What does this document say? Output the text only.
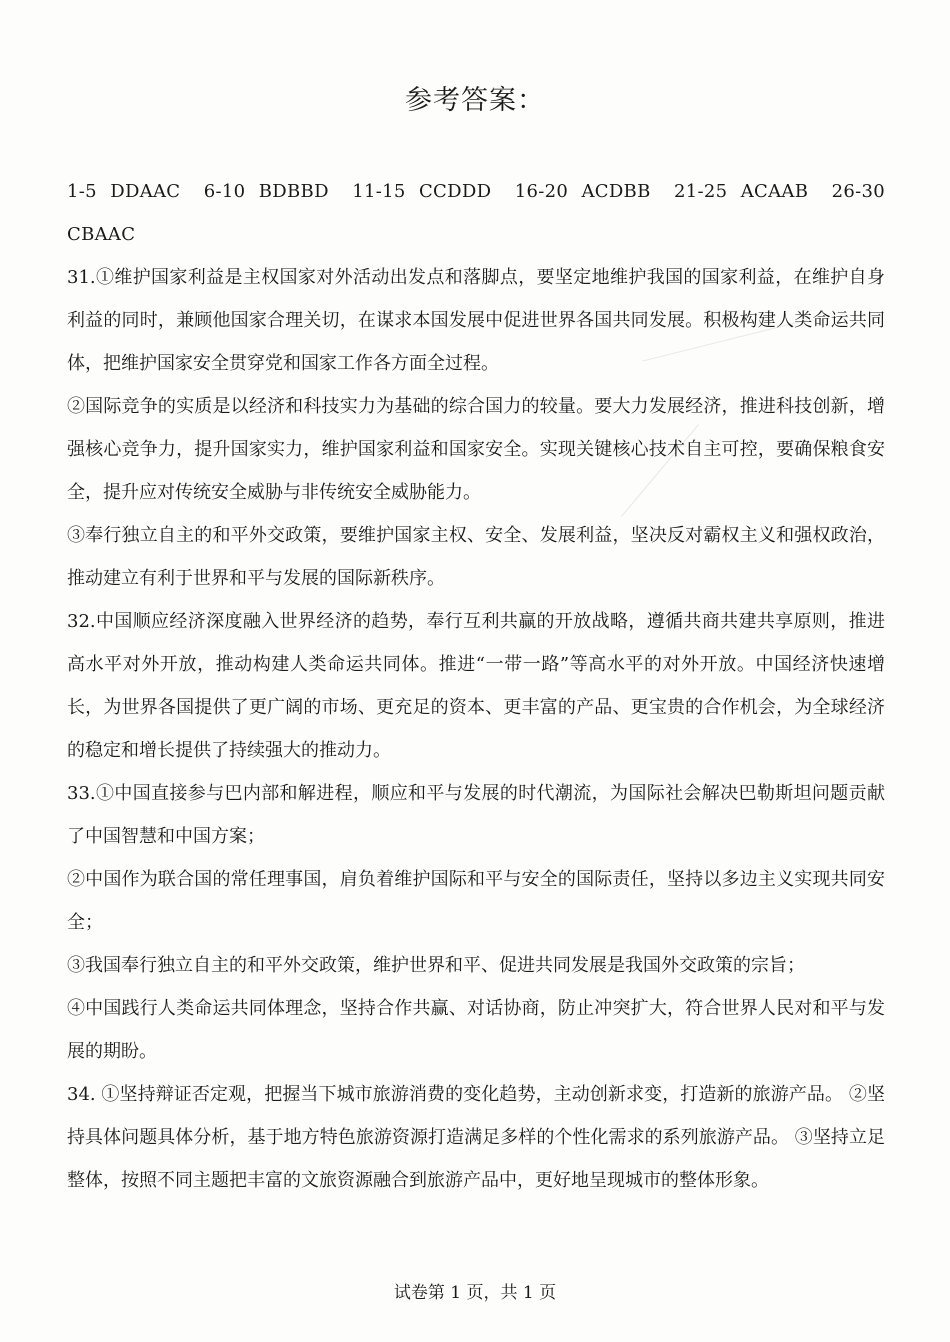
参考答案：

1-5 DDAAC 6-10 BDBBD 11-15 CCDDD 16-20 ACDBB 21-25 ACAAB 26-30 CBAAC

31.①维护国家利益是主权国家对外活动出发点和落脚点，要坚定地维护我国的国家利益，在维护自身利益的同时，兼顾他国家合理关切，在谋求本国发展中促进世界各国共同发展。积极构建人类命运共同体，把维护国家安全贯穿党和国家工作各方面全过程。

②国际竞争的实质是以经济和科技实力为基础的综合国力的较量。要大力发展经济，推进科技创新，增强核心竞争力，提升国家实力，维护国家利益和国家安全。实现关键核心技术自主可控，要确保粮食安全，提升应对传统安全威胁与非传统安全威胁能力。

③奉行独立自主的和平外交政策，要维护国家主权、安全、发展利益，坚决反对霸权主义和强权政治，推动建立有利于世界和平与发展的国际新秩序。

32.中国顺应经济深度融入世界经济的趋势，奉行互利共赢的开放战略，遵循共商共建共享原则，推进高水平对外开放，推动构建人类命运共同体。推进“一带一路”等高水平的对外开放。中国经济快速增长，为世界各国提供了更广阔的市场、更充足的资本、更丰富的产品、更宝贵的合作机会，为全球经济的稳定和增长提供了持续强大的推动力。

33.①中国直接参与巴内部和解进程，顺应和平与发展的时代潮流，为国际社会解决巴勒斯坦问题贡献了中国智慧和中国方案；

②中国作为联合国的常任理事国，肩负着维护国际和平与安全的国际责任，坚持以多边主义实现共同安全；

③我国奉行独立自主的和平外交政策，维护世界和平、促进共同发展是我国外交政策的宗旨；

④中国践行人类命运共同体理念，坚持合作共赢、对话协商，防止冲突扩大，符合世界人民对和平与发展的期盼。

34. ①坚持辩证否定观，把握当下城市旅游消费的变化趋势，主动创新求变，打造新的旅游产品。 ②坚持具体问题具体分析，基于地方特色旅游资源打造满足多样的个性化需求的系列旅游产品。 ③坚持立足整体，按照不同主题把丰富的文旅资源融合到旅游产品中，更好地呈现城市的整体形象。

试卷第 1 页，共 1 页
